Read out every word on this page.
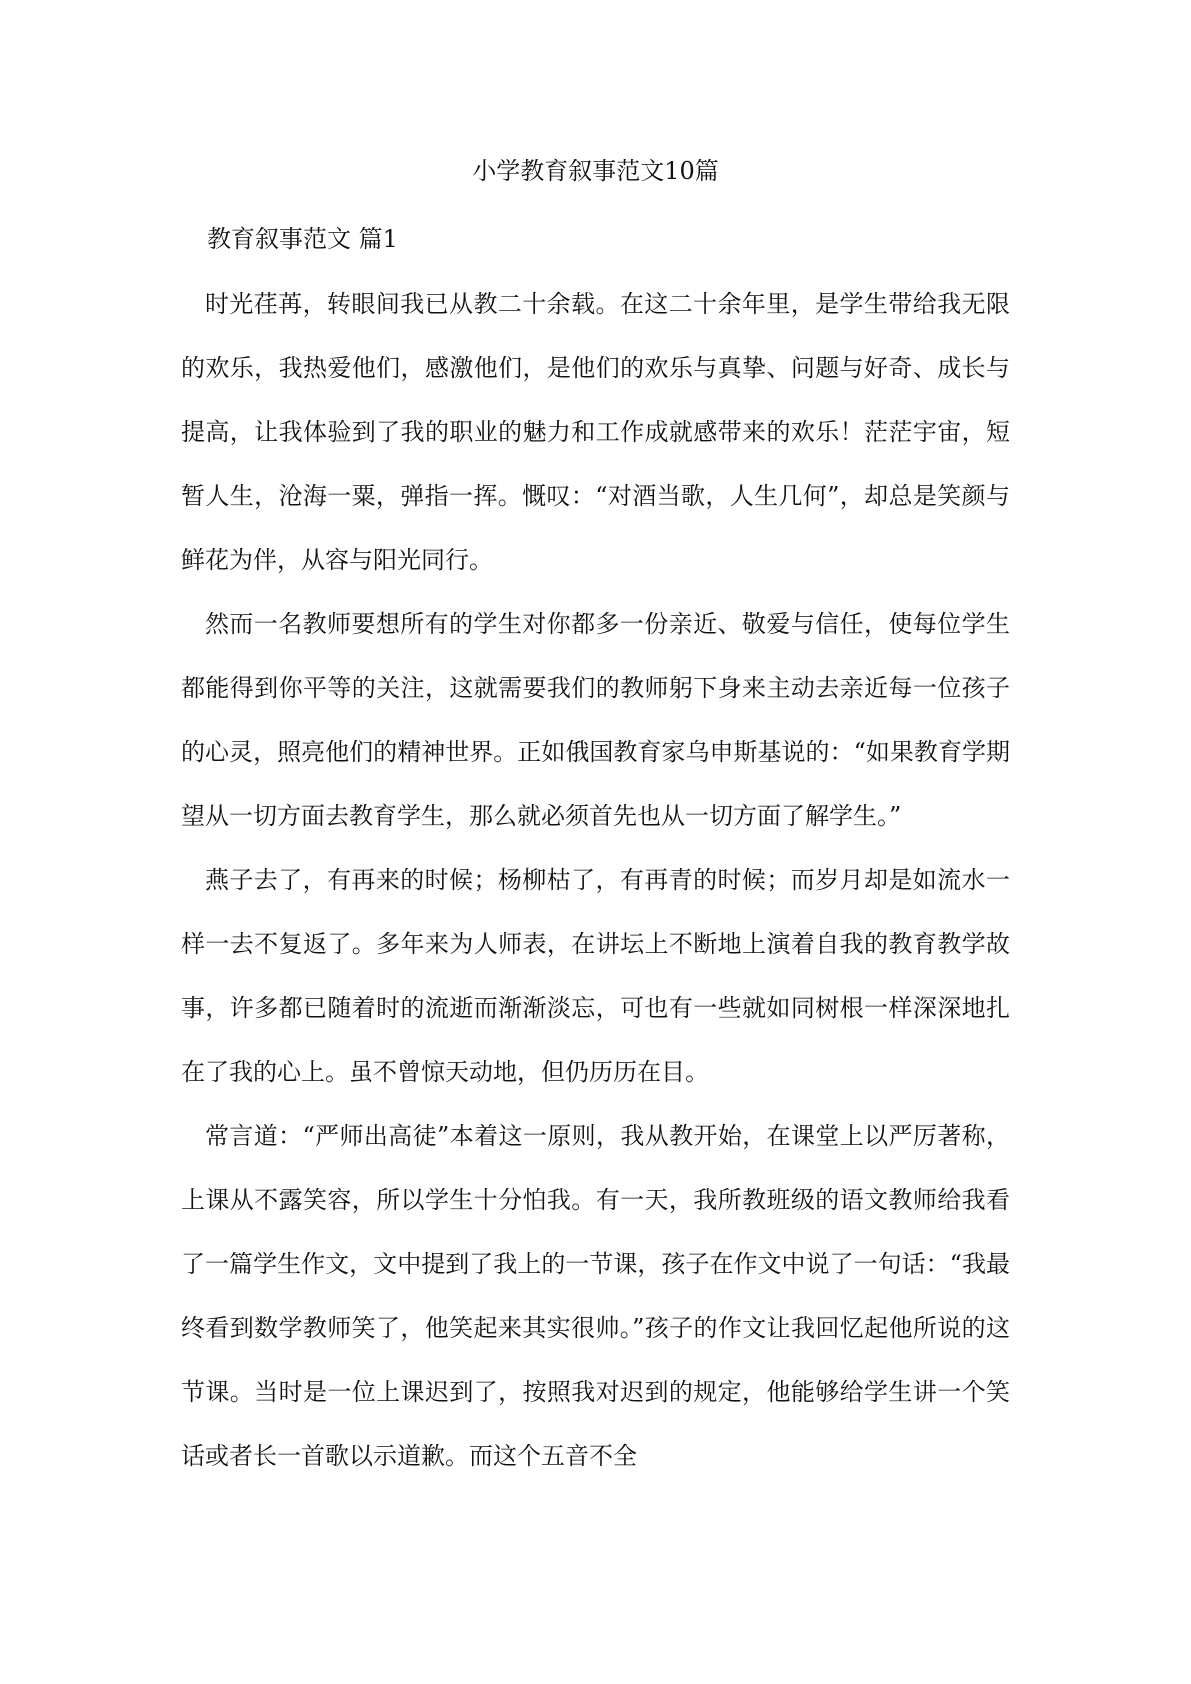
小学教育叙事范文10篇
教育叙事范文 篇1

时光荏苒，转眼间我已从教二十余载。在这二十余年里，是学生带给我无限的欢乐，我热爱他们，感激他们，是他们的欢乐与真挚、问题与好奇、成长与提高，让我体验到了我的职业的魅力和工作成就感带来的欢乐！茫茫宇宙，短暂人生，沧海一粟，弹指一挥。慨叹：“对酒当歌，人生几何”，却总是笑颜与鲜花为伴，从容与阳光同行。

然而一名教师要想所有的学生对你都多一份亲近、敬爱与信任，使每位学生都能得到你平等的关注，这就需要我们的教师躬下身来主动去亲近每一位孩子的心灵，照亮他们的精神世界。正如俄国教育家乌申斯基说的：“如果教育学期望从一切方面去教育学生，那么就必须首先也从一切方面了解学生。”

燕子去了，有再来的时候；杨柳枯了，有再青的时候；而岁月却是如流水一样一去不复返了。多年来为人师表，在讲坛上不断地上演着自我的教育教学故事，许多都已随着时的流逝而渐渐淡忘，可也有一些就如同树根一样深深地扎在了我的心上。虽不曾惊天动地，但仍历历在目。

常言道：“严师出高徒”本着这一原则，我从教开始，在课堂上以严厉著称，上课从不露笑容，所以学生十分怕我。有一天，我所教班级的语文教师给我看了一篇学生作文，文中提到了我上的一节课，孩子在作文中说了一句话：“我最终看到数学教师笑了，他笑起来其实很帅。”孩子的作文让我回忆起他所说的这节课。当时是一位上课迟到了，按照我对迟到的规定，他能够给学生讲一个笑话或者长一首歌以示道歉。而这个五音不全
